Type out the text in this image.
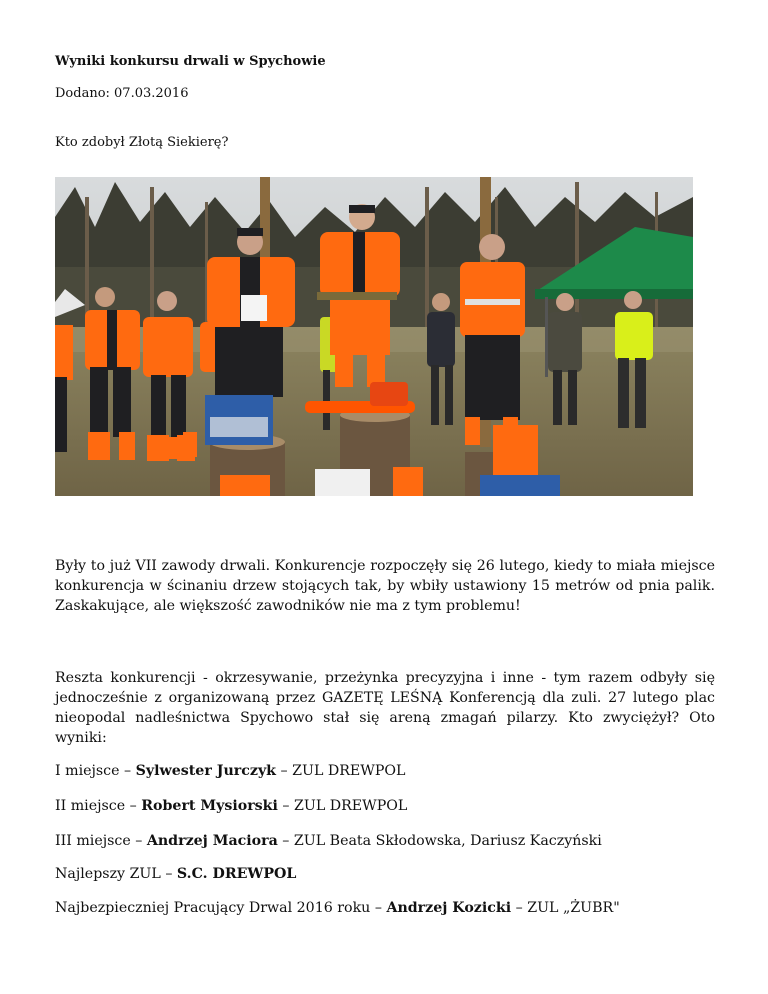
Wyniki konkursu drwali w Spychowie

Dodano: 07.03.2016

Kto zdobył Złotą Siekierę?

Były to już VII zawody drwali. Konkurencje rozpoczęły się 26 lutego, kiedy to miała miejsce konkurencja w ścinaniu drzew stojących tak, by wbiły ustawiony 15 metrów od pnia palik. Zaskakujące, ale większość zawodników nie ma z tym problemu!

Reszta konkurencji - okrzesywanie, przeżynka precyzyjna i inne - tym razem odbyły się jednocześnie z organizowaną przez GAZETĘ LEŚNĄ Konferencją dla zuli. 27 lutego plac nieopodal nadleśnictwa Spychowo stał się areną zmagań pilarzy. Kto zwyciężył? Oto wyniki:

I miejsce – Sylwester Jurczyk – ZUL DREWPOL

II miejsce – Robert Mysiorski – ZUL DREWPOL

III miejsce – Andrzej Maciora – ZUL Beata Skłodowska, Dariusz Kaczyński

Najlepszy ZUL – S.C. DREWPOL

Najbezpieczniej Pracujący Drwal 2016 roku – Andrzej Kozicki – ZUL „ŻUBR"
